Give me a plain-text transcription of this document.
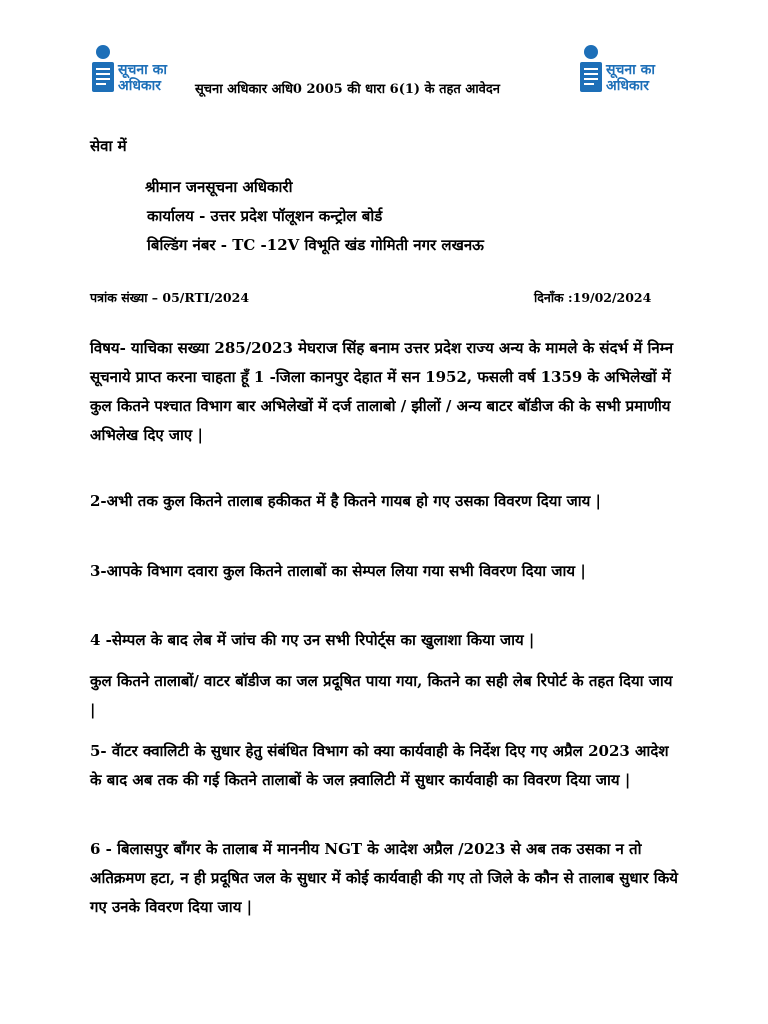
सूचना का
अधिकार	सूचना अधिकार अधि0 2005 की धारा 6(1) के तहत आवेदन
सूचना का
अधिकार
सेवा में
श्रीमान जनसूचना अधिकारी
कार्यालय - उत्तर प्रदेश पॉलूशन कन्ट्रोल बोर्ड
बिल्डिंग नंबर - TC -12V विभूति खंड गोमिती नगर लखनऊ
पत्रांक संख्या – 05/RTI/2024	दिनाँक :19/02/2024
विषय- याचिका सख्या 285/2023 मेघराज सिंह बनाम उत्तर प्रदेश राज्य अन्य के मामले के संदर्भ में निम्न सूचनाये प्राप्त करना चाहता हूँ 1 -जिला कानपुर देहात में सन 1952, फसली वर्ष 1359 के अभिलेखों में कुल कितने पश्चात विभाग बार अभिलेखों में दर्ज तालाबो / झीलों / अन्य बाटर बॉडीज की के सभी प्रमाणीय अभिलेख दिए जाए |
2-अभी तक कुल कितने तालाब हकीकत में है कितने गायब हो गए उसका विवरण दिया जाय |
3-आपके विभाग दवारा कुल कितने तालाबों का सेम्पल लिया गया सभी विवरण दिया जाय |
4 -सेम्पल के बाद लेब में जांच की गए उन सभी रिपोर्ट्स का खुलाशा किया जाय |
कुल कितने तालाबों/ वाटर बॉडीज का जल प्रदूषित पाया गया, कितने का सही लेब रिपोर्ट के तहत दिया जाय |
5- वॅाटर क्वालिटी के सुधार हेतु संबंधित विभाग को क्या कार्यवाही के निर्देश दिए गए अप्रैल 2023 आदेश के बाद अब तक की गई कितने तालाबों के जल क़्वालिटी में सुधार कार्यवाही का विवरण दिया जाय |
6 - बिलासपुर बाँगर के तालाब में माननीय NGT के आदेश अप्रैल /2023 से अब तक उसका न तो अतिक्रमण हटा, न ही प्रदूषित जल के सुधार में कोई कार्यवाही की गए तो जिले के कौन से तालाब सुधार किये गए उनके विवरण दिया जाय |
